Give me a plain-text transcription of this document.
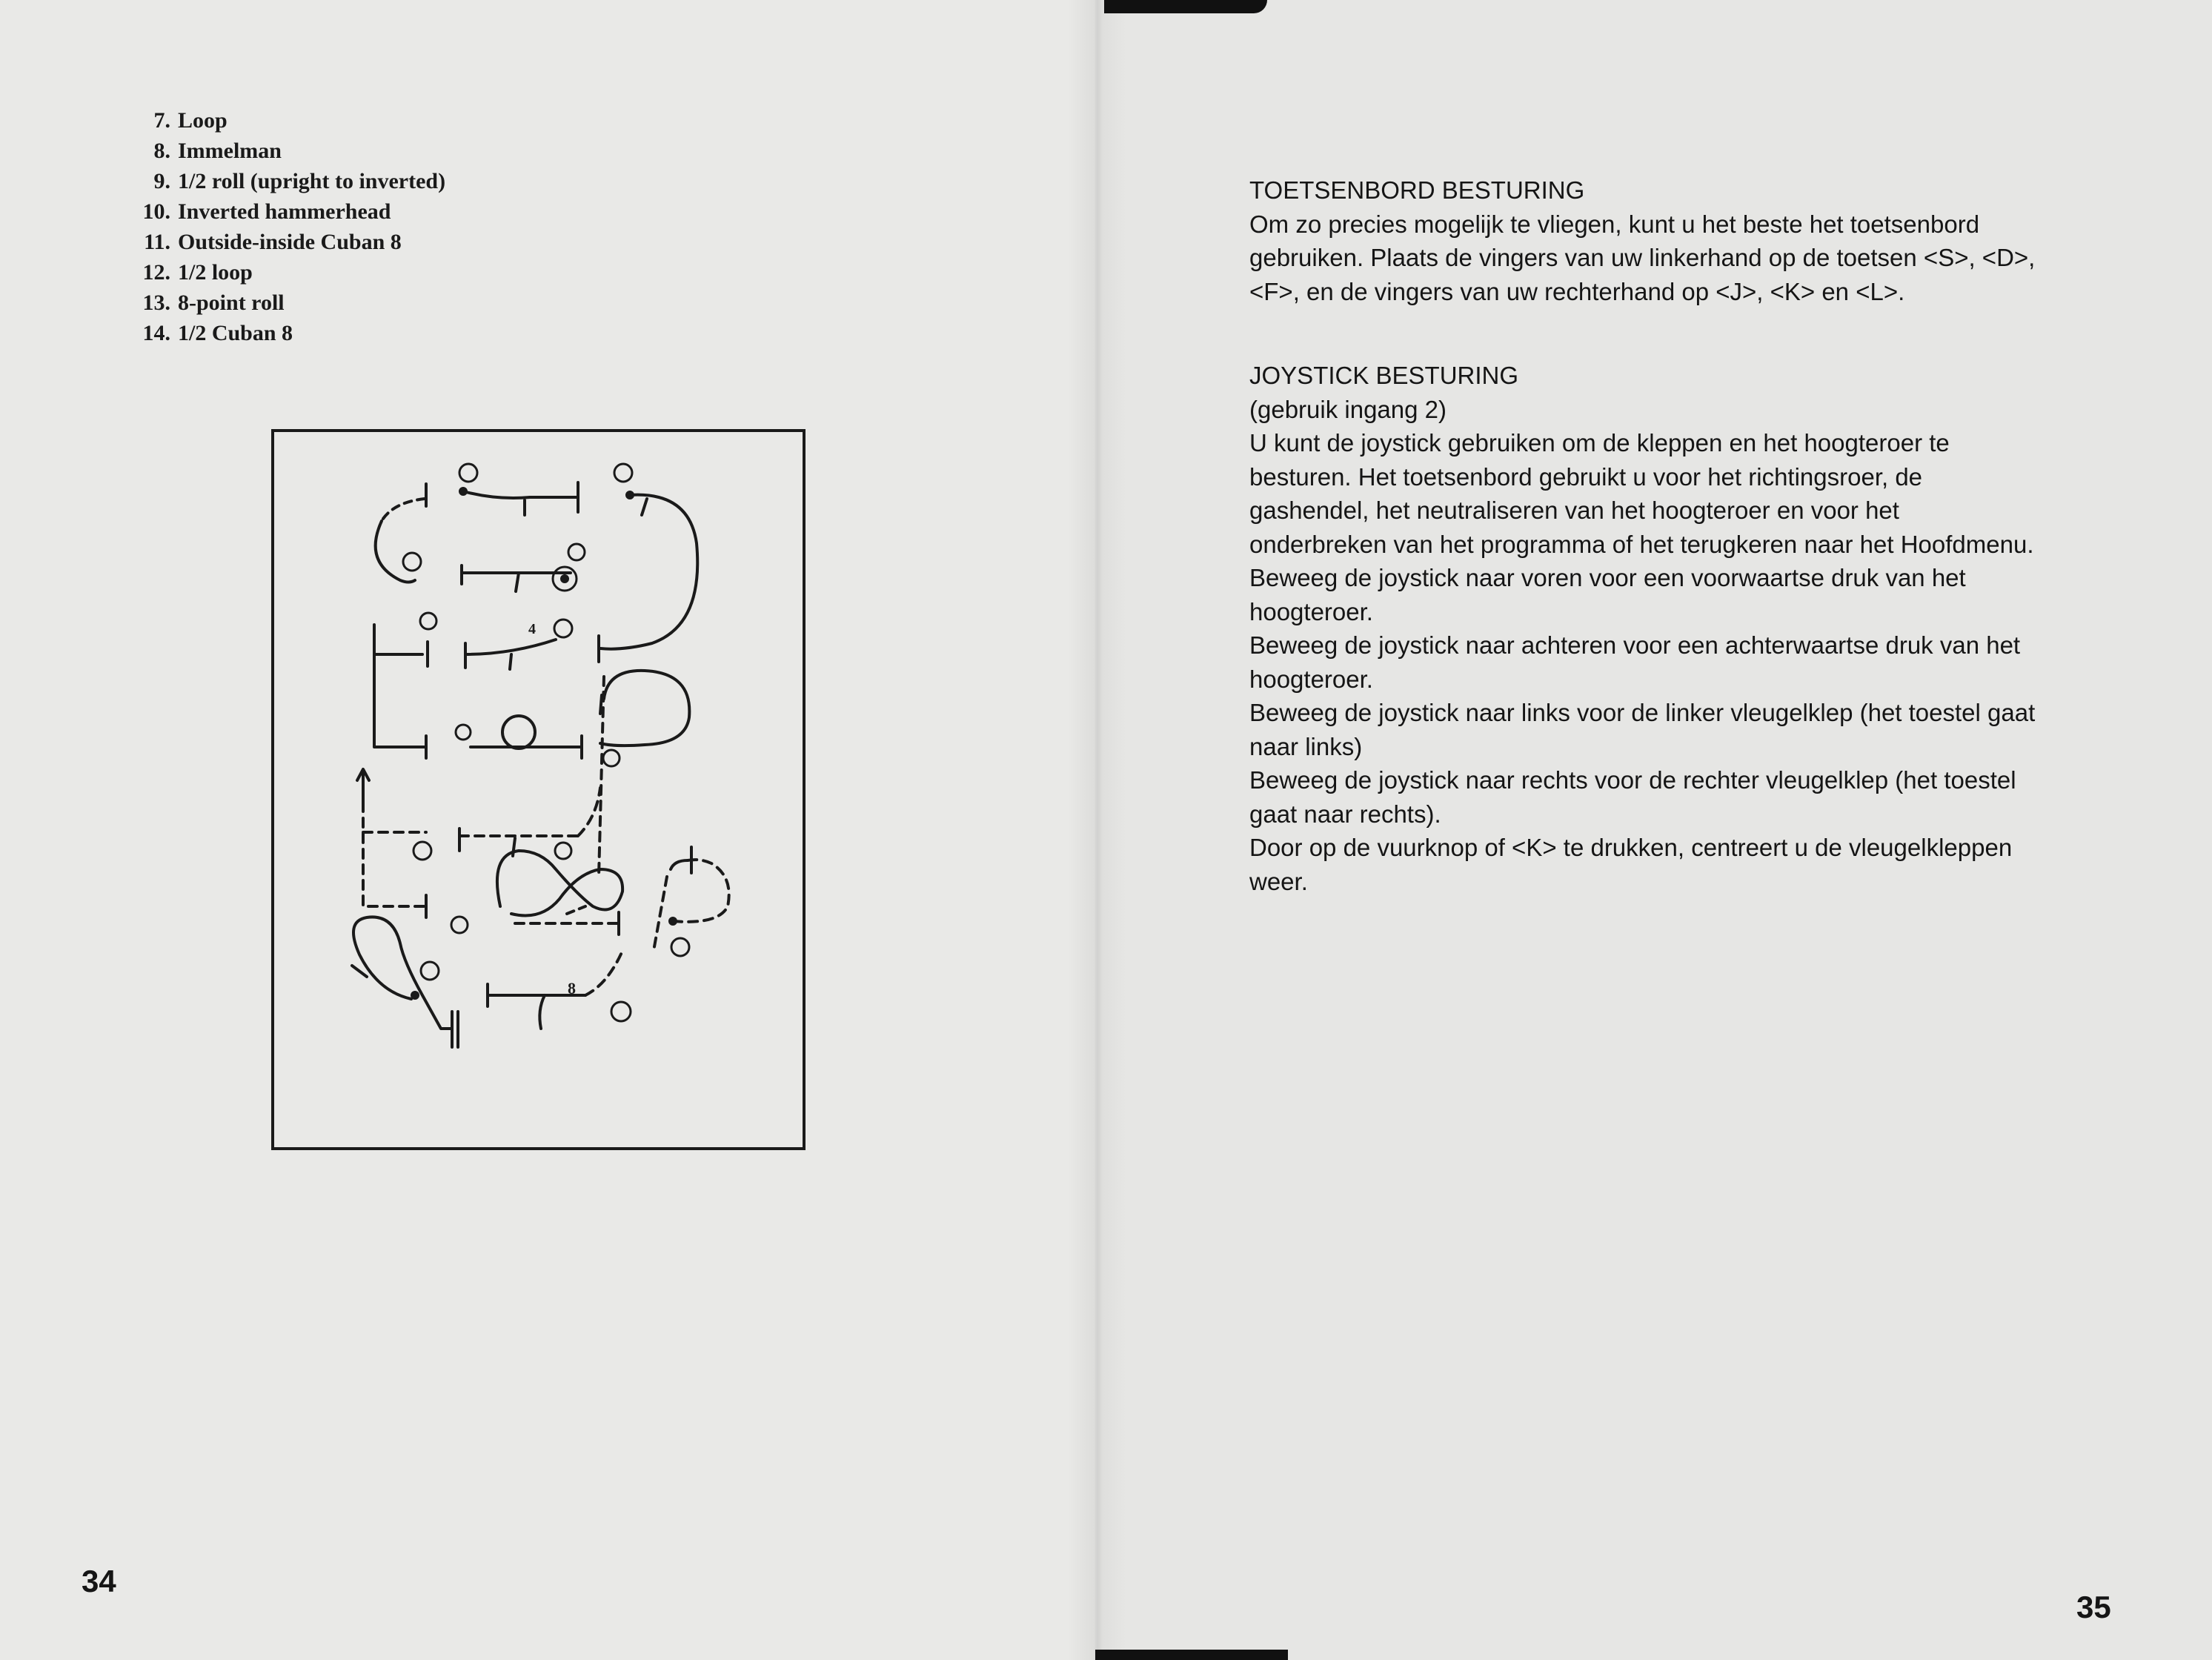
7. Loop
8. Immelman
9. 1/2 roll (upright to inverted)
10. Inverted hammerhead
11. Outside-inside Cuban 8
12. 1/2 loop
13. 8-point roll
14. 1/2 Cuban 8
4
8
34

TOETSENBORD BESTURING

Om zo precies mogelijk te vliegen, kunt u het beste het toetsenbord

gebruiken. Plaats de vingers van uw linkerhand op de toetsen <S>, <D>,

<F>, en de vingers van uw rechterhand op <J>, <K> en <L>.

JOYSTICK BESTURING

(gebruik ingang 2)

U kunt de joystick gebruiken om de kleppen en het hoogteroer te

besturen. Het toetsenbord gebruikt u voor het richtingsroer, de

gashendel, het neutraliseren van het hoogteroer en voor het

onderbreken van het programma of het terugkeren naar het Hoofdmenu.

Beweeg de joystick naar voren voor een voorwaartse druk van het

hoogteroer.

Beweeg de joystick naar achteren voor een achterwaartse druk van het

hoogteroer.

Beweeg de joystick naar links voor de linker vleugelklep (het toestel gaat

naar links)

Beweeg de joystick naar rechts voor de rechter vleugelklep (het toestel

gaat naar rechts).

Door op de vuurknop of <K> te drukken, centreert u de vleugelkleppen

weer.

35
